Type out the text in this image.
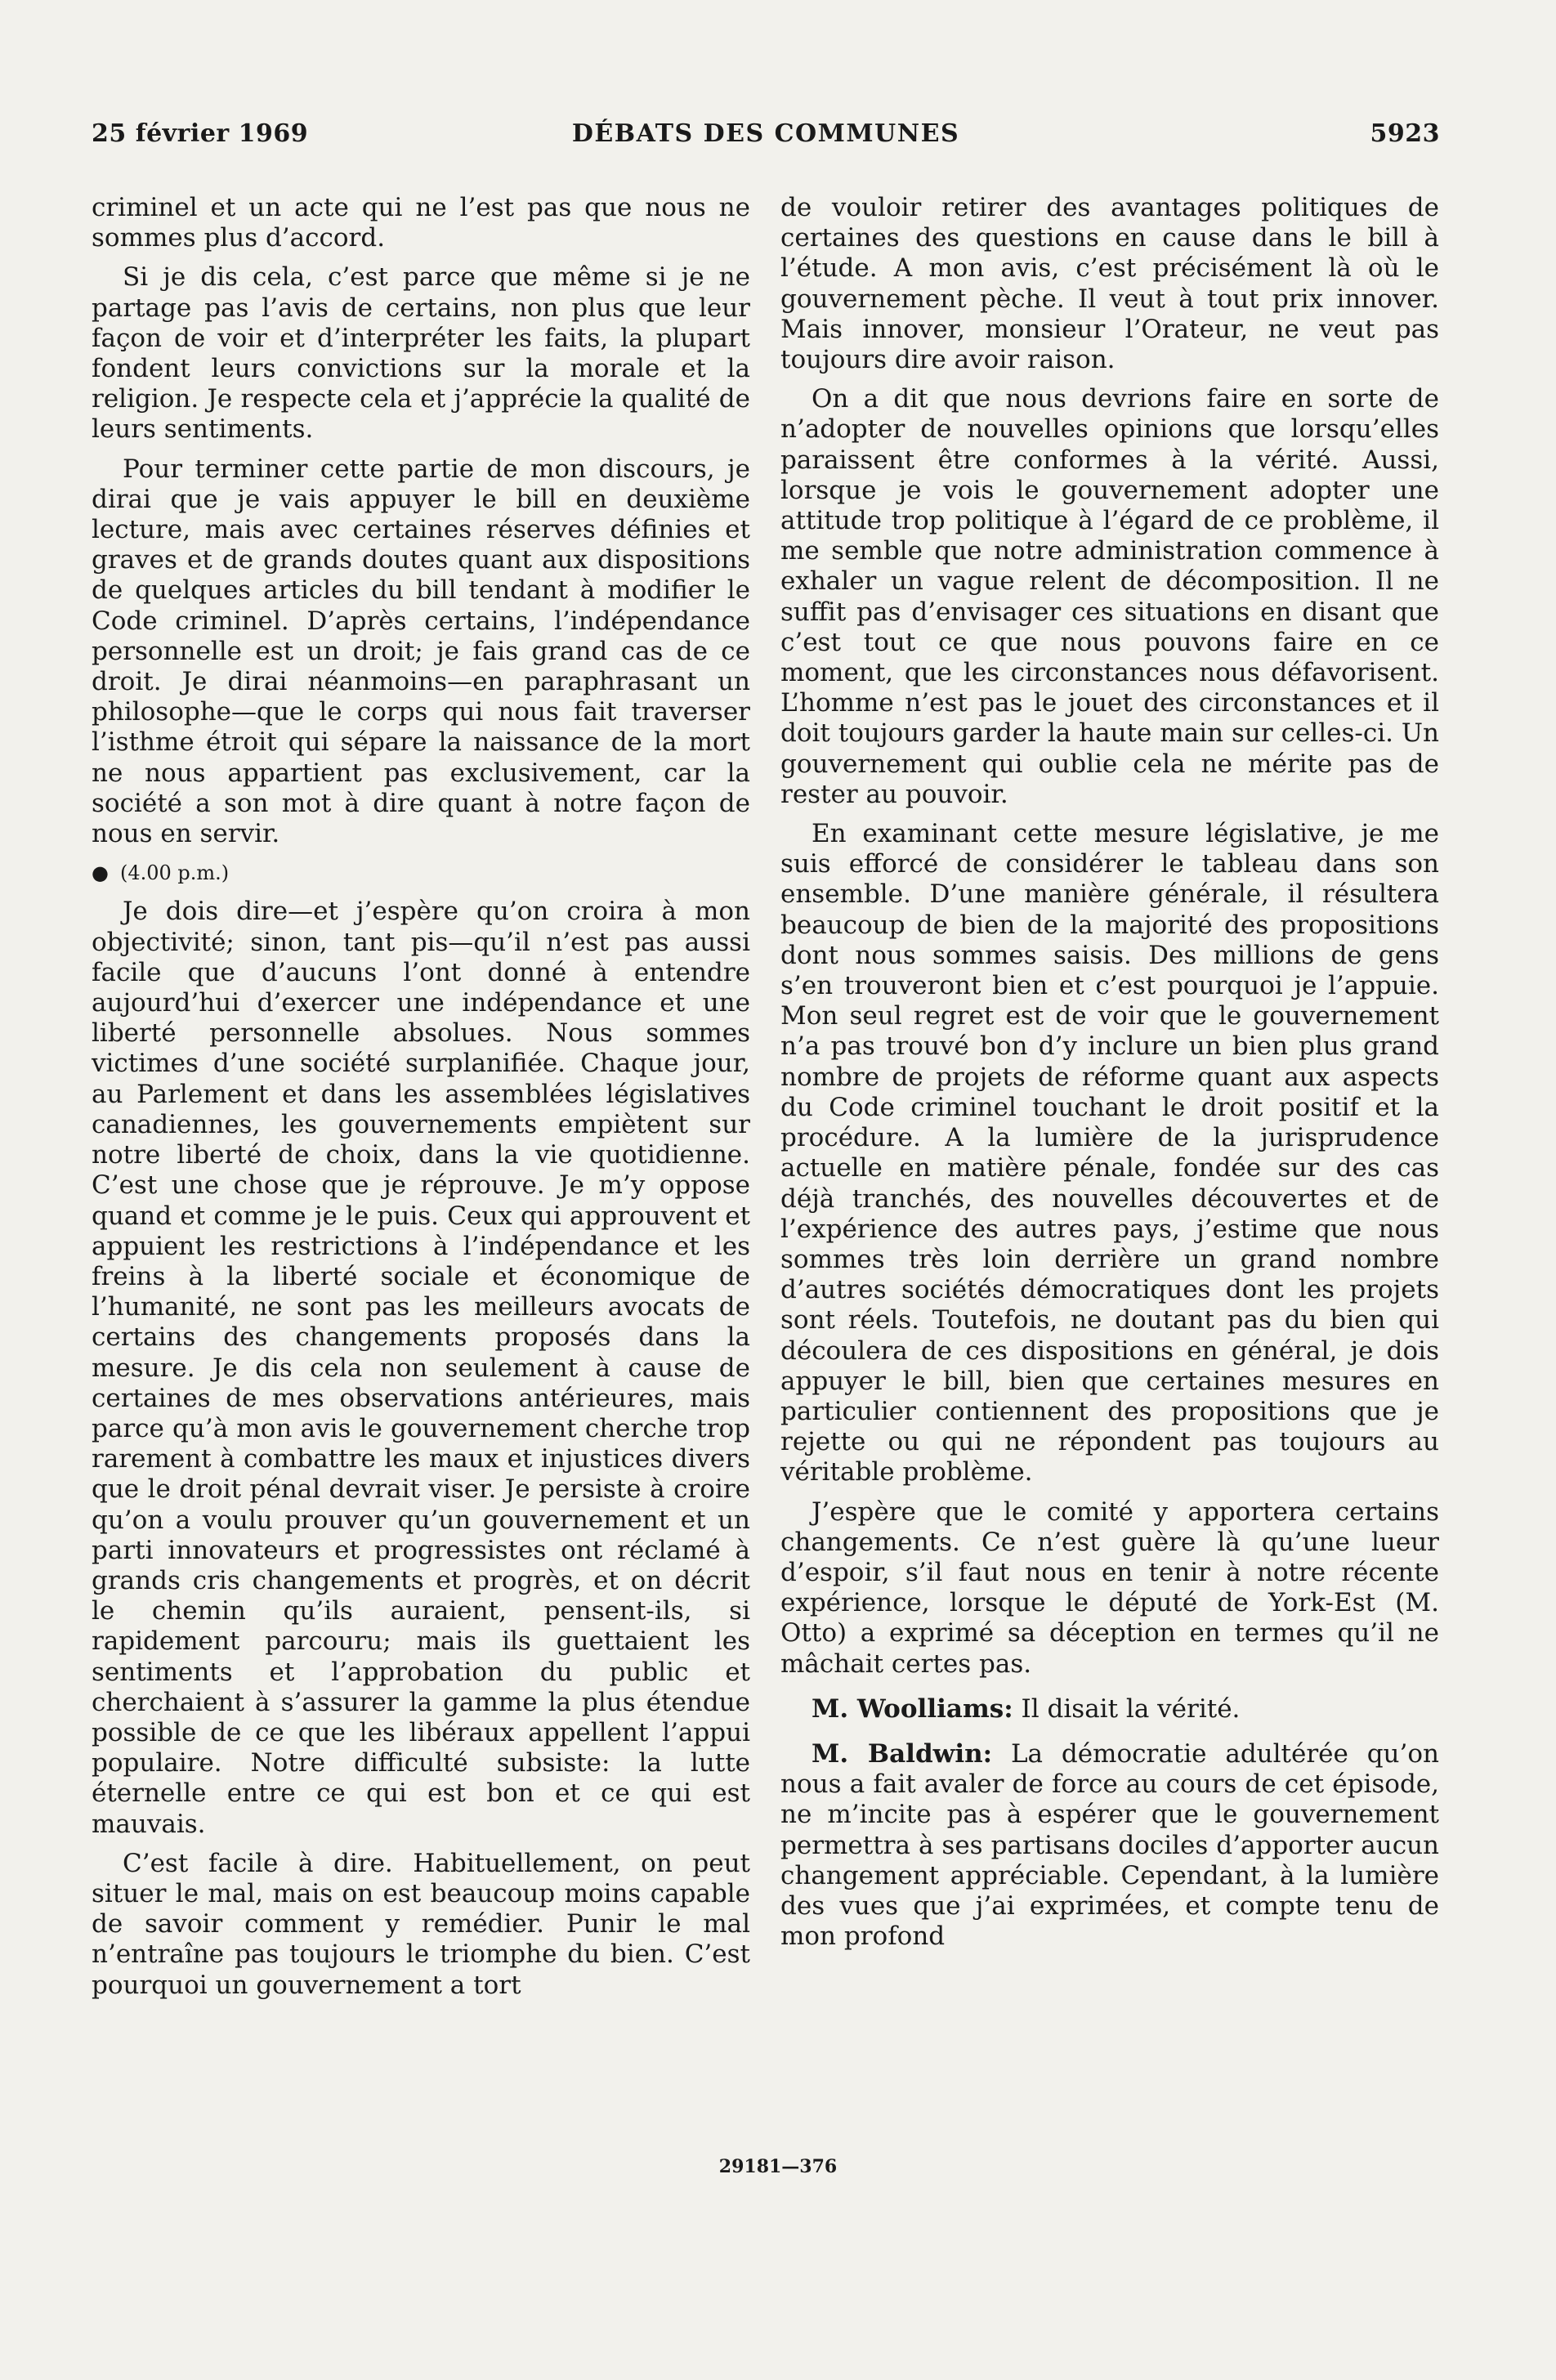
25 février 1969	DÉBATS DES COMMUNES	5923

criminel et un acte qui ne l’est pas que nous ne sommes plus d’accord.

Si je dis cela, c’est parce que même si je ne partage pas l’avis de certains, non plus que leur façon de voir et d’interpréter les faits, la plupart fondent leurs convictions sur la morale et la religion. Je respecte cela et j’apprécie la qualité de leurs sentiments.

Pour terminer cette partie de mon discours, je dirai que je vais appuyer le bill en deuxième lecture, mais avec certaines réserves définies et graves et de grands doutes quant aux dispositions de quelques articles du bill tendant à modifier le Code criminel. D’après certains, l’indépendance personnelle est un droit; je fais grand cas de ce droit. Je dirai néanmoins—en paraphrasant un philosophe—que le corps qui nous fait traverser l’isthme étroit qui sépare la naissance de la mort ne nous appartient pas exclusivement, car la société a son mot à dire quant à notre façon de nous en servir.

● (4.00 p.m.)

Je dois dire—et j’espère qu’on croira à mon objectivité; sinon, tant pis—qu’il n’est pas aussi facile que d’aucuns l’ont donné à entendre aujourd’hui d’exercer une indépendance et une liberté personnelle absolues. Nous sommes victimes d’une société surplanifiée. Chaque jour, au Parlement et dans les assemblées législatives canadiennes, les gouvernements empiètent sur notre liberté de choix, dans la vie quotidienne. C’est une chose que je réprouve. Je m’y oppose quand et comme je le puis. Ceux qui approuvent et appuient les restrictions à l’indépendance et les freins à la liberté sociale et économique de l’humanité, ne sont pas les meilleurs avocats de certains des changements proposés dans la mesure. Je dis cela non seulement à cause de certaines de mes observations antérieures, mais parce qu’à mon avis le gouvernement cherche trop rarement à combattre les maux et injustices divers que le droit pénal devrait viser. Je persiste à croire qu’on a voulu prouver qu’un gouvernement et un parti innovateurs et progressistes ont réclamé à grands cris changements et progrès, et on décrit le chemin qu’ils auraient, pensent-ils, si rapidement parcouru; mais ils guettaient les sentiments et l’approbation du public et cherchaient à s’assurer la gamme la plus étendue possible de ce que les libéraux appellent l’appui populaire. Notre difficulté subsiste: la lutte éternelle entre ce qui est bon et ce qui est mauvais.

C’est facile à dire. Habituellement, on peut situer le mal, mais on est beaucoup moins capable de savoir comment y remédier. Punir le mal n’entraîne pas toujours le triomphe du bien. C’est pourquoi un gouvernement a tort

de vouloir retirer des avantages politiques de certaines des questions en cause dans le bill à l’étude. A mon avis, c’est précisément là où le gouvernement pèche. Il veut à tout prix innover. Mais innover, monsieur l’Orateur, ne veut pas toujours dire avoir raison.

On a dit que nous devrions faire en sorte de n’adopter de nouvelles opinions que lorsqu’elles paraissent être conformes à la vérité. Aussi, lorsque je vois le gouvernement adopter une attitude trop politique à l’égard de ce problème, il me semble que notre administration commence à exhaler un vague relent de décomposition. Il ne suffit pas d’envisager ces situations en disant que c’est tout ce que nous pouvons faire en ce moment, que les circonstances nous défavorisent. L’homme n’est pas le jouet des circonstances et il doit toujours garder la haute main sur celles-ci. Un gouvernement qui oublie cela ne mérite pas de rester au pouvoir.

En examinant cette mesure législative, je me suis efforcé de considérer le tableau dans son ensemble. D’une manière générale, il résultera beaucoup de bien de la majorité des propositions dont nous sommes saisis. Des millions de gens s’en trouveront bien et c’est pourquoi je l’appuie. Mon seul regret est de voir que le gouvernement n’a pas trouvé bon d’y inclure un bien plus grand nombre de projets de réforme quant aux aspects du Code criminel touchant le droit positif et la procédure. A la lumière de la jurisprudence actuelle en matière pénale, fondée sur des cas déjà tranchés, des nouvelles découvertes et de l’expérience des autres pays, j’estime que nous sommes très loin derrière un grand nombre d’autres sociétés démocratiques dont les projets sont réels. Toutefois, ne doutant pas du bien qui découlera de ces dispositions en général, je dois appuyer le bill, bien que certaines mesures en particulier contiennent des propositions que je rejette ou qui ne répondent pas toujours au véritable problème.

J’espère que le comité y apportera certains changements. Ce n’est guère là qu’une lueur d’espoir, s’il faut nous en tenir à notre récente expérience, lorsque le député de York-Est (M. Otto) a exprimé sa déception en termes qu’il ne mâchait certes pas.

M. Woolliams: Il disait la vérité.

M. Baldwin: La démocratie adultérée qu’on nous a fait avaler de force au cours de cet épisode, ne m’incite pas à espérer que le gouvernement permettra à ses partisans dociles d’apporter aucun changement appréciable. Cependant, à la lumière des vues que j’ai exprimées, et compte tenu de mon profond

29181—376
